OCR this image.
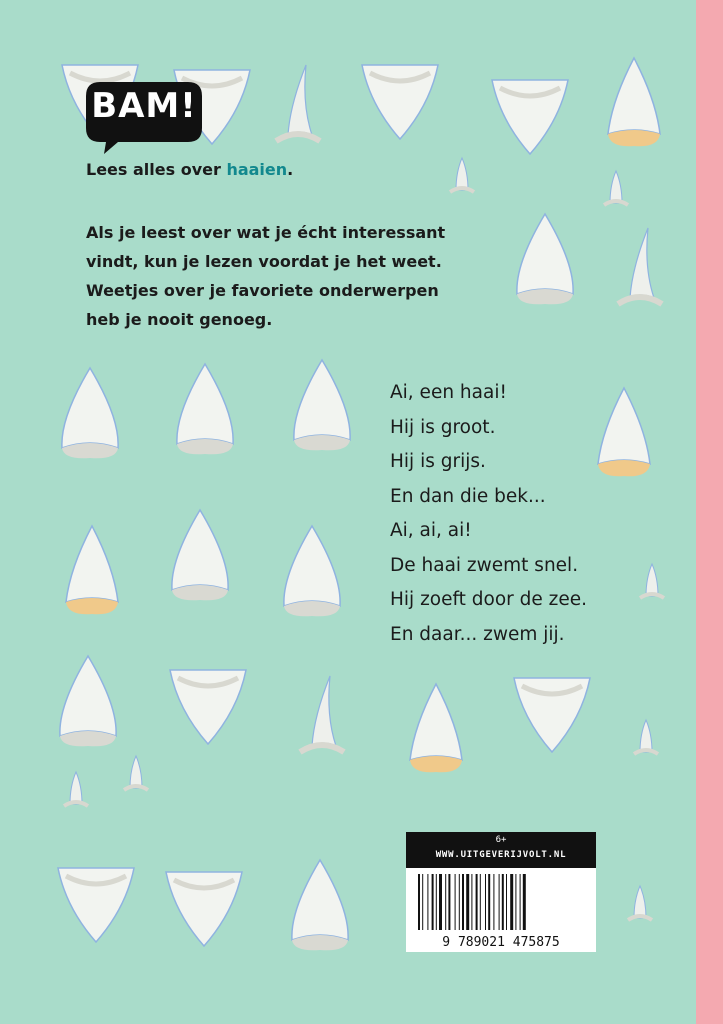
BAM!

Lees alles over haaien.

Als je leest over wat je écht interessant
vindt, kun je lezen voordat je het weet.
Weetjes over je favoriete onderwerpen
heb je nooit genoeg.
Ai, een haai!
Hij is groot.
Hij is grijs.
En dan die bek...
Ai, ai, ai!
De haai zwemt snel.
Hij zoeft door de zee.
En daar... zwem jij.
6+
WWW.UITGEVERIJVOLT.NL
9 789021 475875
